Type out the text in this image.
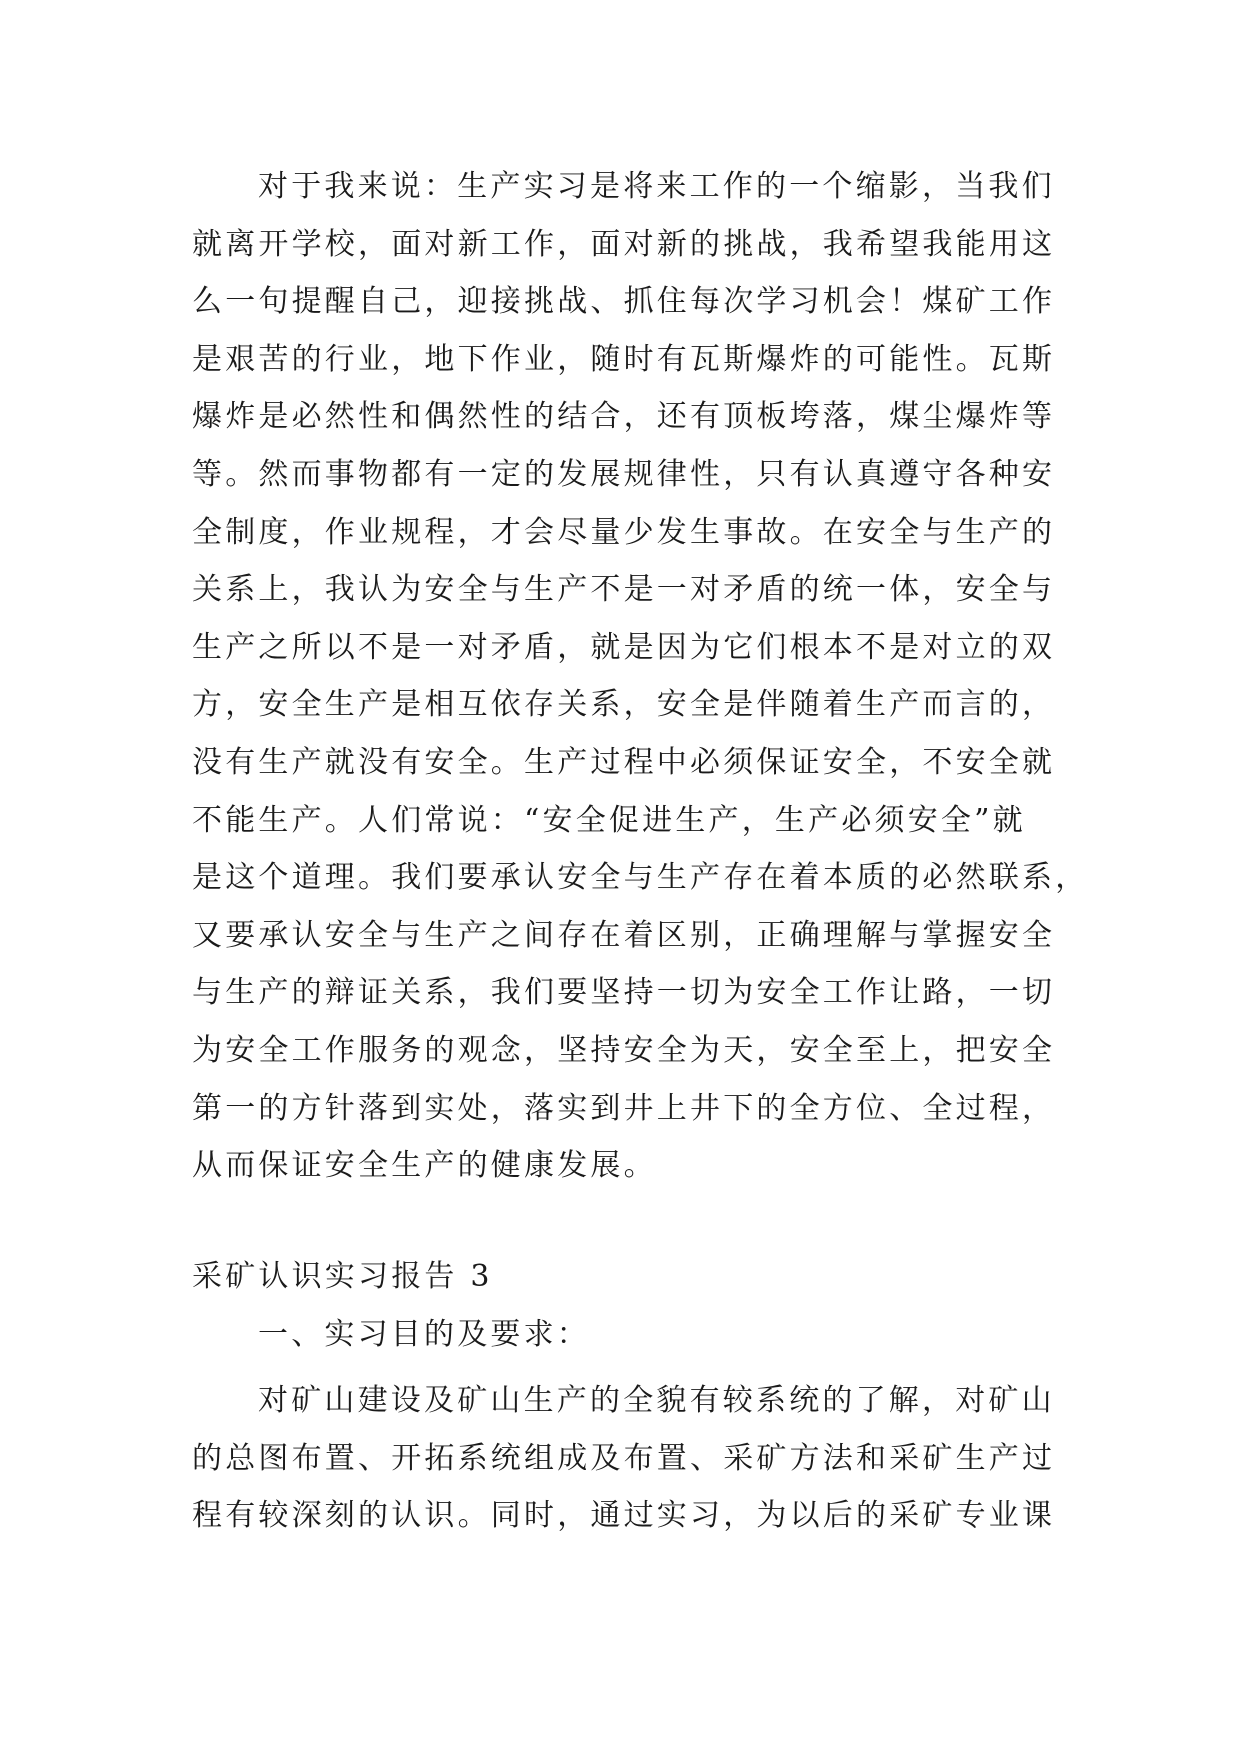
对于我来说：生产实习是将来工作的一个缩影，当我们
就离开学校，面对新工作，面对新的挑战，我希望我能用这
么一句提醒自己，迎接挑战、抓住每次学习机会！煤矿工作
是艰苦的行业，地下作业，随时有瓦斯爆炸的可能性。瓦斯
爆炸是必然性和偶然性的结合，还有顶板垮落，煤尘爆炸等
等。然而事物都有一定的发展规律性，只有认真遵守各种安
全制度，作业规程，才会尽量少发生事故。在安全与生产的
关系上，我认为安全与生产不是一对矛盾的统一体，安全与
生产之所以不是一对矛盾，就是因为它们根本不是对立的双
方，安全生产是相互依存关系，安全是伴随着生产而言的，
没有生产就没有安全。生产过程中必须保证安全，不安全就
不能生产。人们常说：“安全促进生产，生产必须安全”就
是这个道理。我们要承认安全与生产存在着本质的必然联系，
又要承认安全与生产之间存在着区别，正确理解与掌握安全
与生产的辩证关系，我们要坚持一切为安全工作让路，一切
为安全工作服务的观念，坚持安全为天，安全至上，把安全
第一的方针落到实处，落实到井上井下的全方位、全过程，
从而保证安全生产的健康发展。
采矿认识实习报告 3
一、实习目的及要求：
对矿山建设及矿山生产的全貌有较系统的了解，对矿山
的总图布置、开拓系统组成及布置、采矿方法和采矿生产过
程有较深刻的认识。同时，通过实习，为以后的采矿专业课
